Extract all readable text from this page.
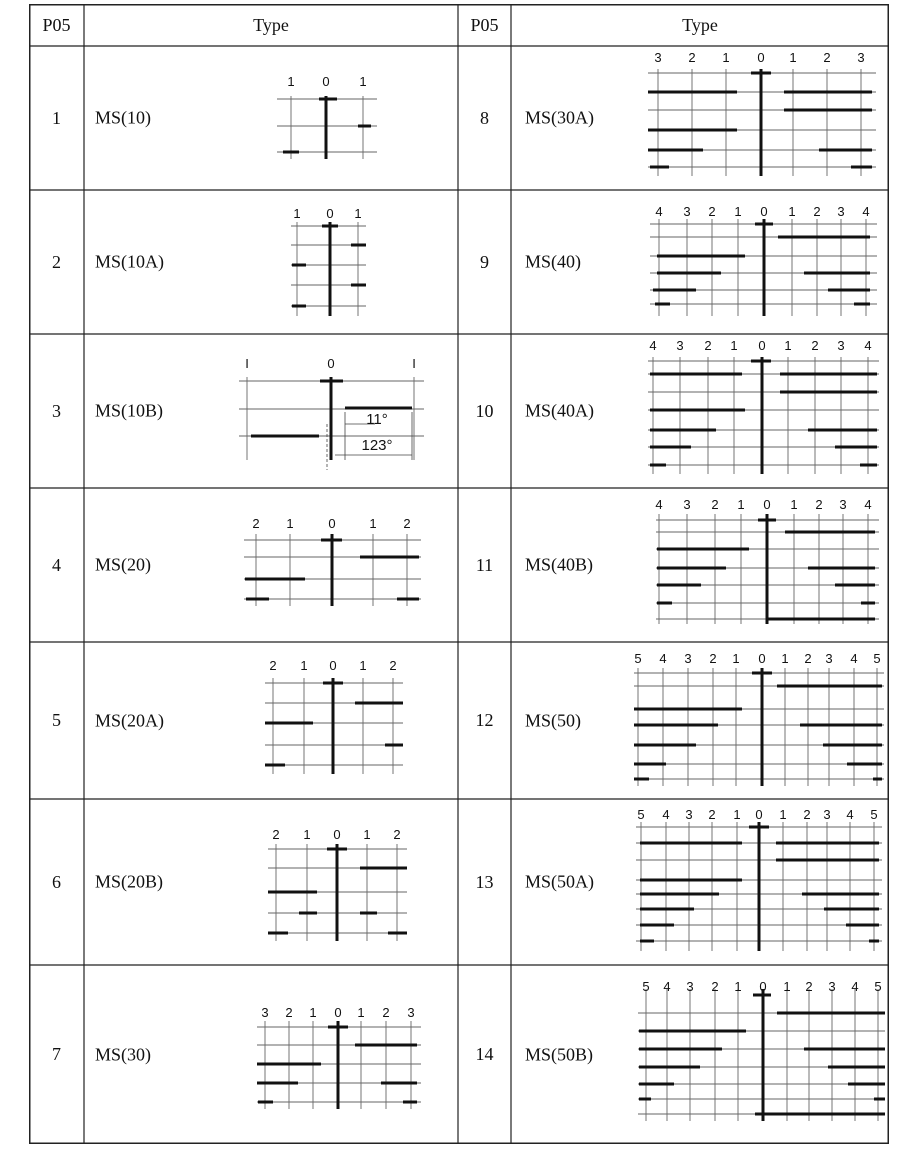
1 0 1
3 2 1 0 1 2 3
1 0 1	4 3 2 1 0 1 2 3 4
I	0	I
11°
123°
4 3 2 1 0 1 2 3 4
2 1	0	1 2
4 3 2 1 0 1 2 3 4
2 1 0 1 2	5 4 3 2 1 0 1 2 3 4 5
2 1 0 1 2
5 4 3 2 1 0 1 2 3 4 5
3 2 1 0 1 2 3
5 4 3 2 1 0 1 2 3 4 5
P05	Type	P05	Type
1	MS(10)	8	MS(30A)
2	MS(10A)	9	MS(40)
3	MS(10B)	10	MS(40A)
4	MS(20)	11	MS(40B)
5	MS(20A)	12	MS(50)
6	MS(20B)	13	MS(50A)
7	MS(30)	14	MS(50B)
